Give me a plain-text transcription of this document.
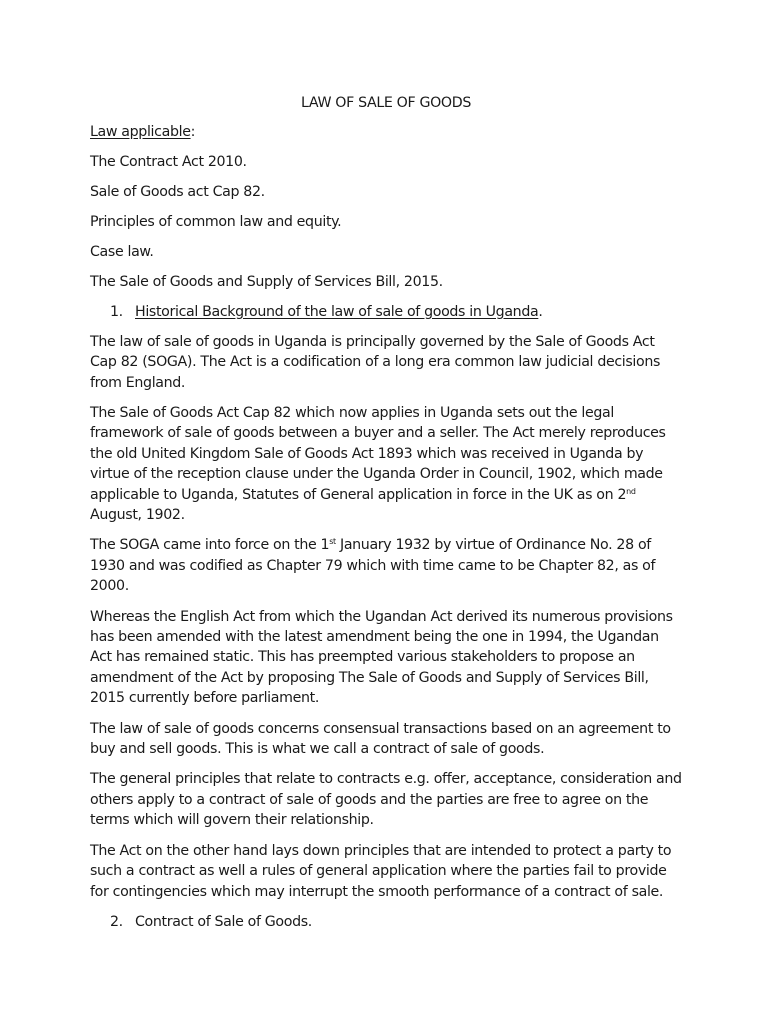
LAW OF SALE OF GOODS
Law applicable:
The Contract Act 2010.
Sale of Goods act Cap 82.
Principles of common law and equity.
Case law.
The Sale of Goods and Supply of Services Bill, 2015.
1. Historical Background of the law of sale of goods in Uganda.
The law of sale of goods in Uganda is principally governed by the Sale of Goods Act Cap 82 (SOGA). The Act is a codification of a long era common law judicial decisions from England.
The Sale of Goods Act Cap 82 which now applies in Uganda sets out the legal framework of sale of goods between a buyer and a seller. The Act merely reproduces the old United Kingdom Sale of Goods Act 1893 which was received in Uganda by virtue of the reception clause under the Uganda Order in Council, 1902, which made applicable to Uganda, Statutes of General application in force in the UK as on 2nd August, 1902.
The SOGA came into force on the 1st January 1932 by virtue of Ordinance No. 28 of 1930 and was codified as Chapter 79 which with time came to be Chapter 82, as of 2000.
Whereas the English Act from which the Ugandan Act derived its numerous provisions has been amended with the latest amendment being the one in 1994, the Ugandan Act has remained static. This has preempted various stakeholders to propose an amendment of the Act by proposing The Sale of Goods and Supply of Services Bill, 2015 currently before parliament.
The law of sale of goods concerns consensual transactions based on an agreement to buy and sell goods. This is what we call a contract of sale of goods.
The general principles that relate to contracts e.g. offer, acceptance, consideration and others apply to a contract of sale of goods and the parties are free to agree on the terms which will govern their relationship.
The Act on the other hand lays down principles that are intended to protect a party to such a contract as well a rules of general application where the parties fail to provide for contingencies which may interrupt the smooth performance of a contract of sale.
2. Contract of Sale of Goods.
